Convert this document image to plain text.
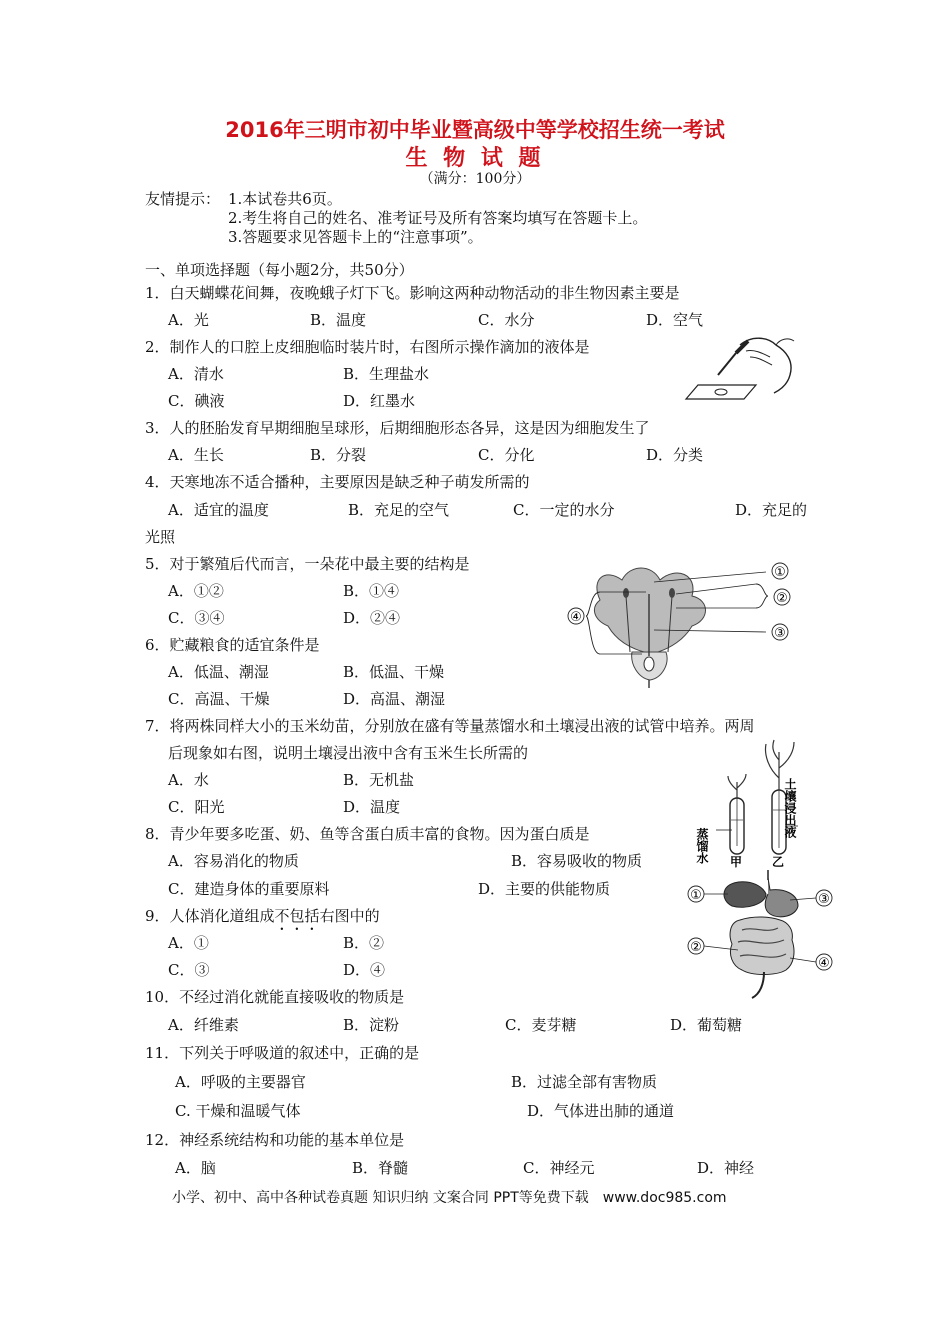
2016年三明市初中毕业暨高级中等学校招生统一考试
生 物 试 题
（满分：100分）
友情提示： 1.本试卷共6页。
2.考生将自己的姓名、准考证号及所有答案均填写在答题卡上。
3.答题要求见答题卡上的“注意事项”。
一、单项选择题（每小题2分，共50分）
1．白天蝴蝶花间舞，夜晚蛾子灯下飞。影响这两种动物活动的非生物因素主要是
A．光	B．温度	C．水分	D．空气
2．制作人的口腔上皮细胞临时装片时，右图所示操作滴加的液体是
A．清水	B．生理盐水
C．碘液	D．红墨水
3．人的胚胎发育早期细胞呈球形，后期细胞形态各异，这是因为细胞发生了
A．生长	B．分裂	C．分化	D．分类
4．天寒地冻不适合播种，主要原因是缺乏种子萌发所需的
A．适宜的温度	B．充足的空气	C．一定的水分	D．充足的
光照
5．对于繁殖后代而言，一朵花中最主要的结构是
A．①②	B．①④
C．③④	D．②④
6．贮藏粮食的适宜条件是
A．低温、潮湿	B．低温、干燥
C．高温、干燥	D．高温、潮湿
7．将两株同样大小的玉米幼苗，分别放在盛有等量蒸馏水和土壤浸出液的试管中培养。两周
后现象如右图，说明土壤浸出液中含有玉米生长所需的
A．水	B．无机盐
C．阳光	D．温度
8．青少年要多吃蛋、奶、鱼等含蛋白质丰富的食物。因为蛋白质是
A．容易消化的物质	B．容易吸收的物质
C．建造身体的重要原料	D．主要的供能物质
9．人体消化道组成不包括右图中的
A．①	B．②
C．③	D．④
10．不经过消化就能直接吸收的物质是
A．纤维素	B．淀粉	C．麦芽糖	D．葡萄糖
11．下列关于呼吸道的叙述中，正确的是
A．呼吸的主要器官	B．过滤全部有害物质
C. 干燥和温暖气体	D．气体进出肺的通道
12．神经系统结构和功能的基本单位是
A．脑	B．脊髓	C．神经元	D．神经
①
②
③
④
蒸馏水
土壤浸出液
甲 乙
①
②
③
④
小学、初中、高中各种试卷真题 知识归纳 文案合同 PPT等免费下载　www.doc985.com
